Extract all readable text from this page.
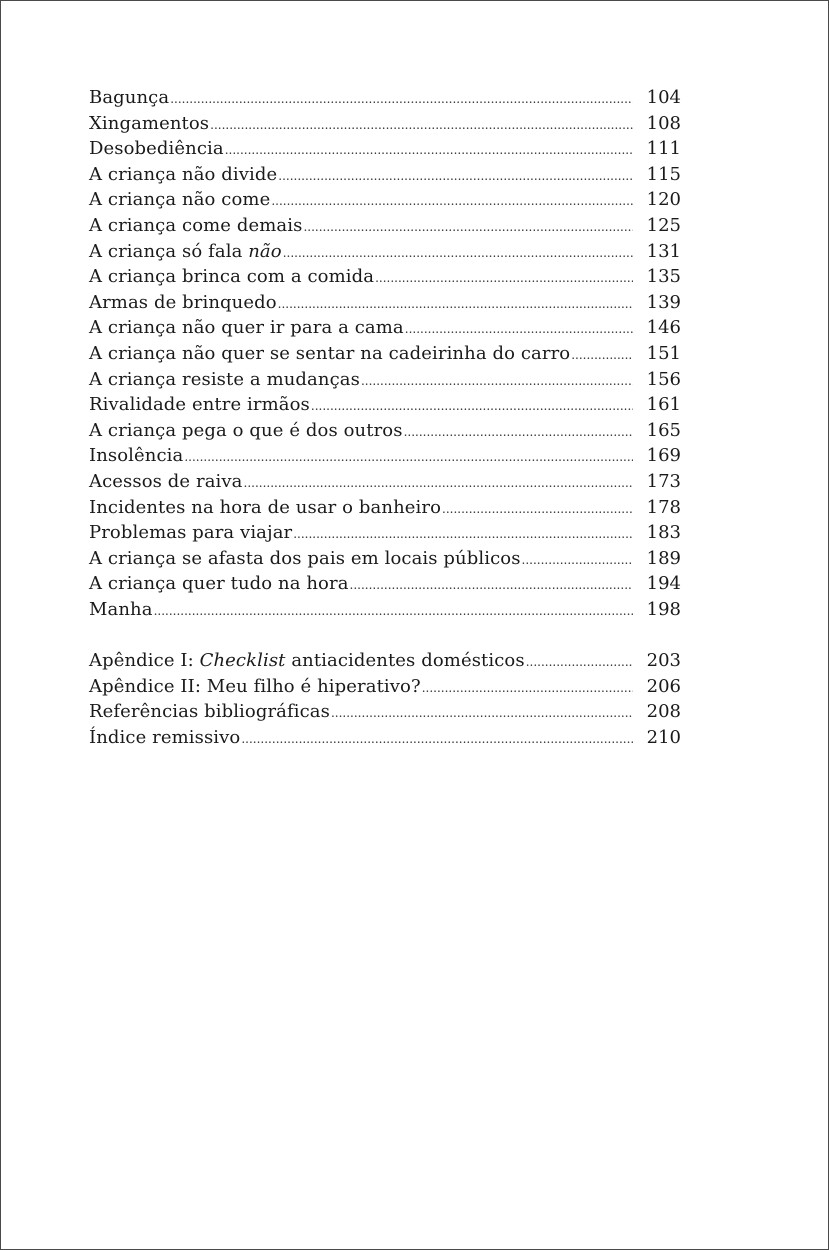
Bagunça .....	104
Xingamentos .....	108
Desobediência .....	111
A criança não divide .....	115
A criança não come .....	120
A criança come demais .....	125
A criança só fala não .....	131
A criança brinca com a comida .....	135
Armas de brinquedo .....	139
A criança não quer ir para a cama .....	146
A criança não quer se sentar na cadeirinha do carro .....	151
A criança resiste a mudanças .....	156
Rivalidade entre irmãos .....	161
A criança pega o que é dos outros .....	165
Insolência .....	169
Acessos de raiva .....	173
Incidentes na hora de usar o banheiro .....	178
Problemas para viajar .....	183
A criança se afasta dos pais em locais públicos .....	189
A criança quer tudo na hora .....	194
Manha .....	198
Apêndice I: Checklist antiacidentes domésticos .....	203
Apêndice II: Meu filho é hiperativo? .....	206
Referências bibliográficas .....	208
Índice remissivo .....	210
